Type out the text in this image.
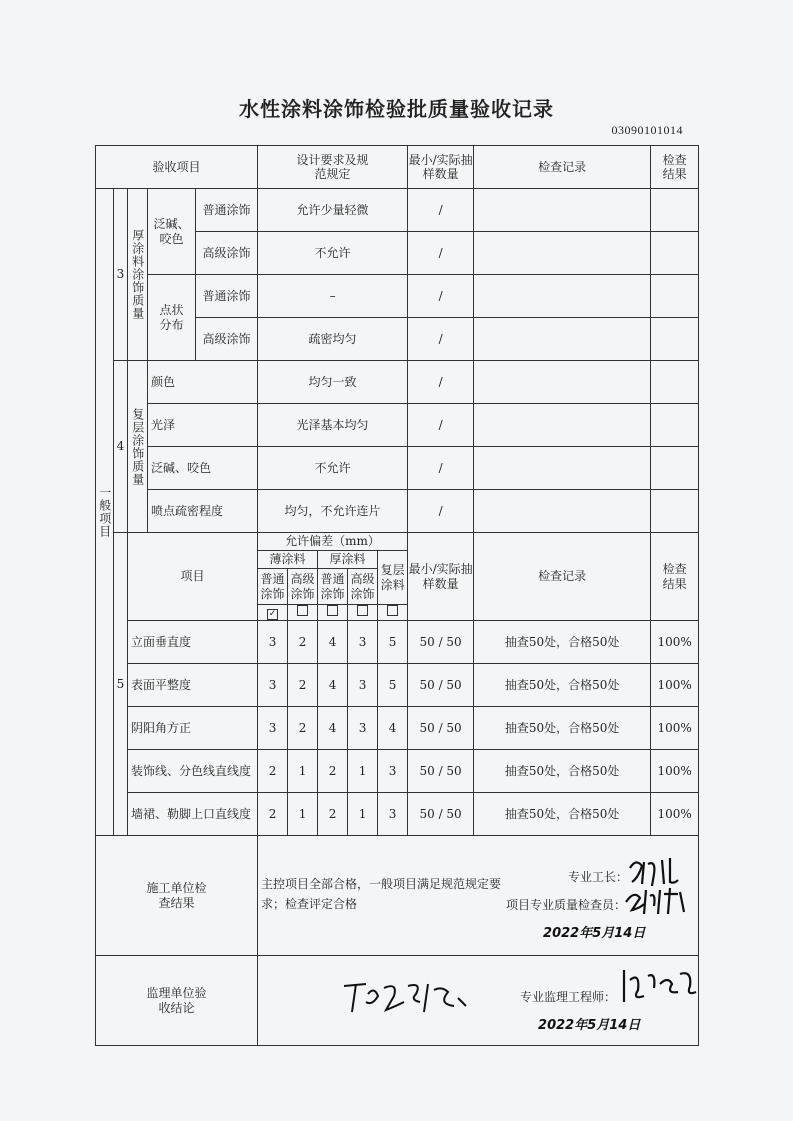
水性涂料涂饰检验批质量验收记录
03090101014
验收项目					设计要求及规范规定					最小/实际抽样数量	检查记录	检查结果

一般项目	3	厚涂料涂饰质量	泛碱、咬色	普通涂饰	允许少量轻微					/		
				高级涂饰	不允许					/		

			点状分布	普通涂饰	–					/		
				高级涂饰	疏密均匀					/		
	4	复层涂饰质量	颜色		均匀一致					/		
			光泽		光泽基本均匀					/		
			泛碱、咬色		不允许					/		
			喷点疏密程度		均匀，不允许连片					/		
	5	项目			允许偏差（mm）					最小/实际抽样数量	检查记录	检查结果

					薄涂料		厚涂料		复层涂料			

					普通涂饰	高级涂饰	普通涂饰	高级涂饰				

					✓							
		立面垂直度			3	2	4	3	5	50 / 50	抽查50处，合格50处	100%
		表面平整度			3	2	4	3	5	50 / 50	抽查50处，合格50处	100%
		阴阳角方正			3	2	4	3	4	50 / 50	抽查50处，合格50处	100%
		装饰线、分色线直线度			2	1	2	1	3	50 / 50	抽查50处，合格50处	100%
		墙裙、勒脚上口直线度			2	1	2	1	3	50 / 50	抽查50处，合格50处	100%

施工单位检查结果					主控项目全部合格，一般项目满足规范规定要求；检查评定合格
专业工长：
项目专业质量检查员：
2022年5月14日							

监理单位验收结论					专业监理工程师：
2022年5月14日							
